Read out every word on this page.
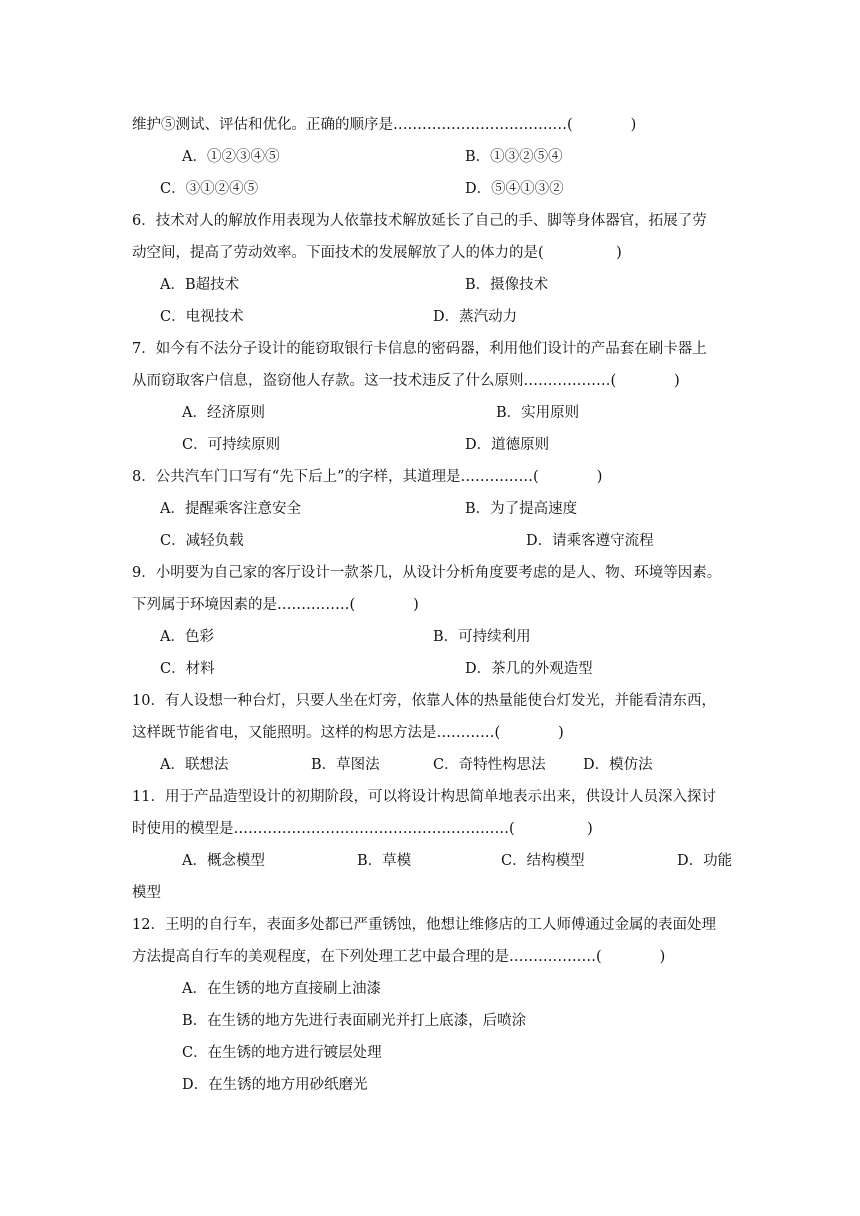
维护⑤测试、评估和优化。正确的顺序是………………………………(　　　　)
A．①②③④⑤	B．①③②⑤④
C．③①②④⑤	D．⑤④①③②
6．技术对人的解放作用表现为人依靠技术解放延长了自己的手、脚等身体器官，拓展了劳
动空间，提高了劳动效率。下面技术的发展解放了人的体力的是(　　　　　)
A．B超技术	B．摄像技术
C．电视技术	D．蒸汽动力
7．如今有不法分子设计的能窃取银行卡信息的密码器，利用他们设计的产品套在刷卡器上
从而窃取客户信息，盗窃他人存款。这一技术违反了什么原则………………(　　　　)
A．经济原则	B．实用原则
C．可持续原则	D．道德原则
8．公共汽车门口写有“先下后上”的字样，其道理是……………(　　　　)
A．提醒乘客注意安全	B．为了提高速度
C．减轻负载	D．请乘客遵守流程
9．小明要为自己家的客厅设计一款茶几，从设计分析角度要考虑的是人、物、环境等因素。
下列属于环境因素的是……………(　　　　)
A．色彩	B．可持续利用
C．材料	D．茶几的外观造型
10．有人设想一种台灯，只要人坐在灯旁，依靠人体的热量能使台灯发光，并能看清东西，
这样既节能省电，又能照明。这样的构思方法是…………(　　　　)
A．联想法	B．草图法	C．奇特性构思法	D．模仿法
11．用于产品造型设计的初期阶段，可以将设计构思简单地表示出来，供设计人员深入探讨
时使用的模型是…………………………………………………(　　　　　)
A．概念模型	B．草模	C．结构模型	D．功能
模型
12．王明的自行车，表面多处都已严重锈蚀，他想让维修店的工人师傅通过金属的表面处理
方法提高自行车的美观程度，在下列处理工艺中最合理的是………………(　　　　)
A．在生锈的地方直接刷上油漆
B．在生锈的地方先进行表面刷光并打上底漆，后喷涂
C．在生锈的地方进行镀层处理
D．在生锈的地方用砂纸磨光
